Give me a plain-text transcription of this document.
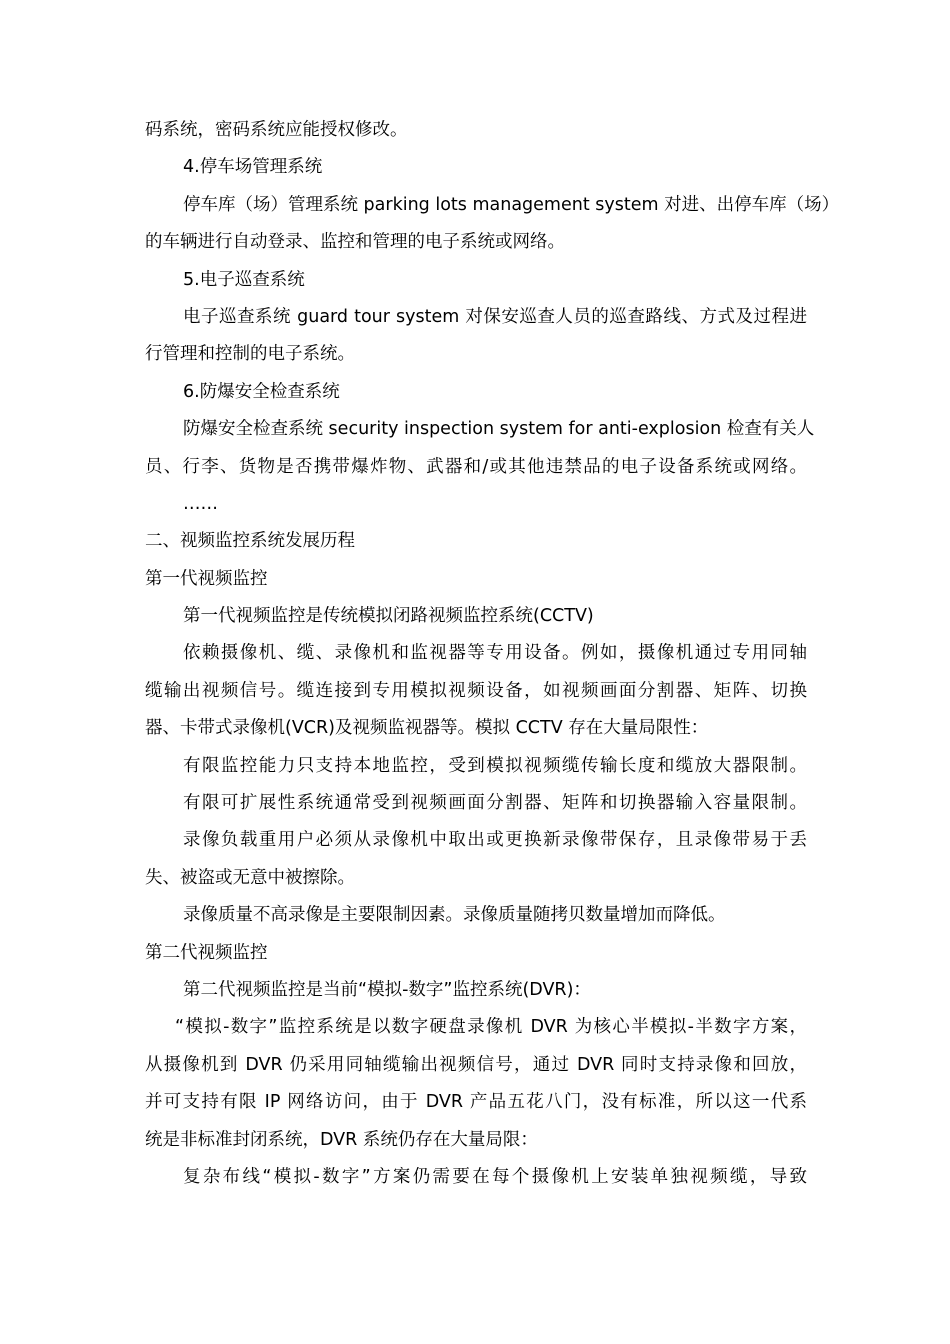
码系统，密码系统应能授权修改。
4.停车场管理系统
停车库（场）管理系统 parking lots management system 对进、出停车库（场）
的车辆进行自动登录、监控和管理的电子系统或网络。
5.电子巡查系统
电子巡查系统 guard tour system 对保安巡查人员的巡查路线、方式及过程进
行管理和控制的电子系统。
6.防爆安全检查系统
防爆安全检查系统 security inspection system for anti-explosion 检查有关人
员、行李、货物是否携带爆炸物、武器和/或其他违禁品的电子设备系统或网络。
……
二、视频监控系统发展历程
第一代视频监控
第一代视频监控是传统模拟闭路视频监控系统(CCTV)
依赖摄像机、缆、录像机和监视器等专用设备。例如，摄像机通过专用同轴
缆输出视频信号。缆连接到专用模拟视频设备，如视频画面分割器、矩阵、切换
器、卡带式录像机(VCR)及视频监视器等。模拟 CCTV 存在大量局限性：
有限监控能力只支持本地监控，受到模拟视频缆传输长度和缆放大器限制。
有限可扩展性系统通常受到视频画面分割器、矩阵和切换器输入容量限制。
录像负载重用户必须从录像机中取出或更换新录像带保存，且录像带易于丢
失、被盗或无意中被擦除。
录像质量不高录像是主要限制因素。录像质量随拷贝数量增加而降低。
第二代视频监控
第二代视频监控是当前“模拟-数字”监控系统(DVR)：
“模拟-数字”监控系统是以数字硬盘录像机 DVR 为核心半模拟-半数字方案，
从摄像机到 DVR 仍采用同轴缆输出视频信号，通过 DVR 同时支持录像和回放，
并可支持有限 IP 网络访问，由于 DVR 产品五花八门，没有标准，所以这一代系
统是非标准封闭系统，DVR 系统仍存在大量局限：
复杂布线“模拟-数字”方案仍需要在每个摄像机上安装单独视频缆，导致
